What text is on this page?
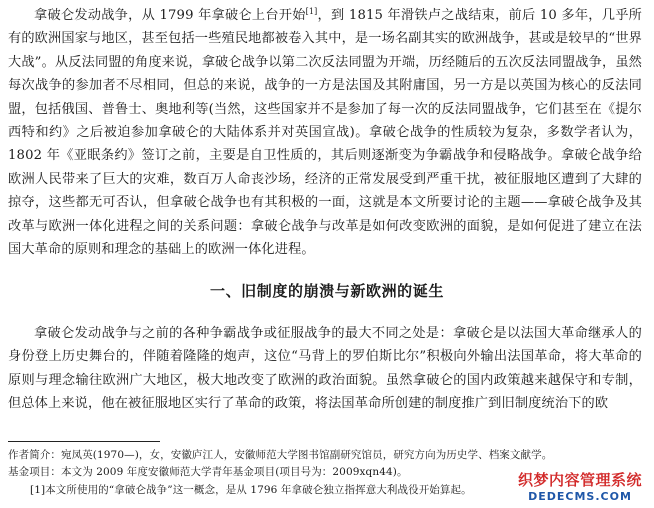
拿破仑发动战争，从 1799 年拿破仑上台开始[1]，到 1815 年滑铁卢之战结束，前后 10 多年，几乎所有的欧洲国家与地区，甚至包括一些殖民地都被卷入其中，是一场名副其实的欧洲战争，甚或是较早的“世界大战”。从反法同盟的角度来说，拿破仑战争以第二次反法同盟为开端，历经随后的五次反法同盟战争，虽然每次战争的参加者不尽相同，但总的来说，战争的一方是法国及其附庸国，另一方是以英国为核心的反法同盟，包括俄国、普鲁士、奥地利等(当然，这些国家并不是参加了每一次的反法同盟战争，它们甚至在《提尔西特和约》之后被迫参加拿破仑的大陆体系并对英国宣战)。拿破仑战争的性质较为复杂，多数学者认为，1802 年《亚眠条约》签订之前，主要是自卫性质的，其后则逐渐变为争霸战争和侵略战争。拿破仑战争给欧洲人民带来了巨大的灾难，数百万人命丧沙场，经济的正常发展受到严重干扰，被征服地区遭到了大肆的掠夺，这些都无可否认，但拿破仑战争也有其积极的一面，这就是本文所要讨论的主题——拿破仑战争及其改革与欧洲一体化进程之间的关系问题：拿破仑战争与改革是如何改变欧洲的面貌，是如何促进了建立在法国大革命的原则和理念的基础上的欧洲一体化进程。

一、旧制度的崩溃与新欧洲的诞生

拿破仑发动战争与之前的各种争霸战争或征服战争的最大不同之处是：拿破仑是以法国大革命继承人的身份登上历史舞台的，伴随着隆隆的炮声，这位“马背上的罗伯斯比尔”积极向外输出法国革命，将大革命的原则与理念输往欧洲广大地区，极大地改变了欧洲的政治面貌。虽然拿破仑的国内政策越来越保守和专制，但总体上来说，他在被征服地区实行了革命的政策，将法国革命所创建的制度推广到旧制度统治下的欧

作者简介：宛凤英(1970—)，女，安徽庐江人，安徽师范大学图书馆副研究馆员，研究方向为历史学、档案文献学。

基金项目：本文为 2009 年度安徽师范大学青年基金项目(项目号为：2009xqn44)。

[1]本文所使用的“拿破仑战争”这一概念，是从 1796 年拿破仑独立指挥意大利战役开始算起。

织梦内容管理系统
DEDECMS.COM
